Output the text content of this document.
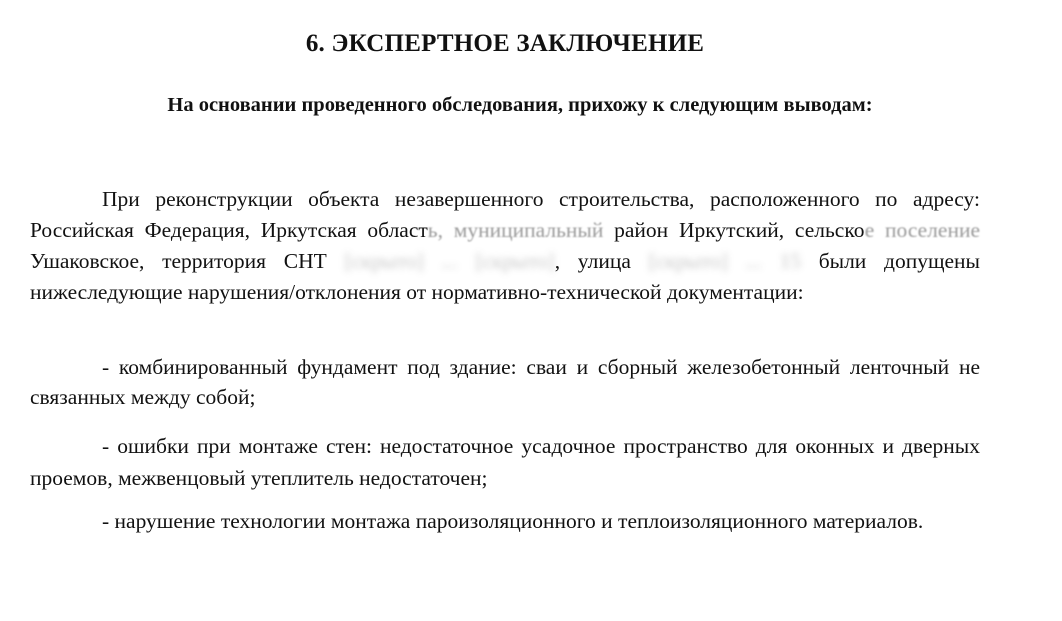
6. ЭКСПЕРТНОЕ ЗАКЛЮЧЕНИЕ
На основании проведенного обследования, прихожу к следующим выводам:
При реконструкции объекта незавершенного строительства, расположенного по адресу: Российская Федерация, Иркутская область, муниципальный район Иркутский, сельское поселение Ушаковское, территория СНТ [скрыто] ... [скрыто], улица [скрыто] ... 15 были допущены нижеследующие нарушения/отклонения от нормативно-технической документации:
- комбинированный фундамент под здание: сваи и сборный железобетонный ленточный не связанных между собой;
- ошибки при монтаже стен: недостаточное усадочное пространство для оконных и дверных проемов, межвенцовый утеплитель недостаточен;
- нарушение технологии монтажа пароизоляционного и теплоизоляционного материалов.
